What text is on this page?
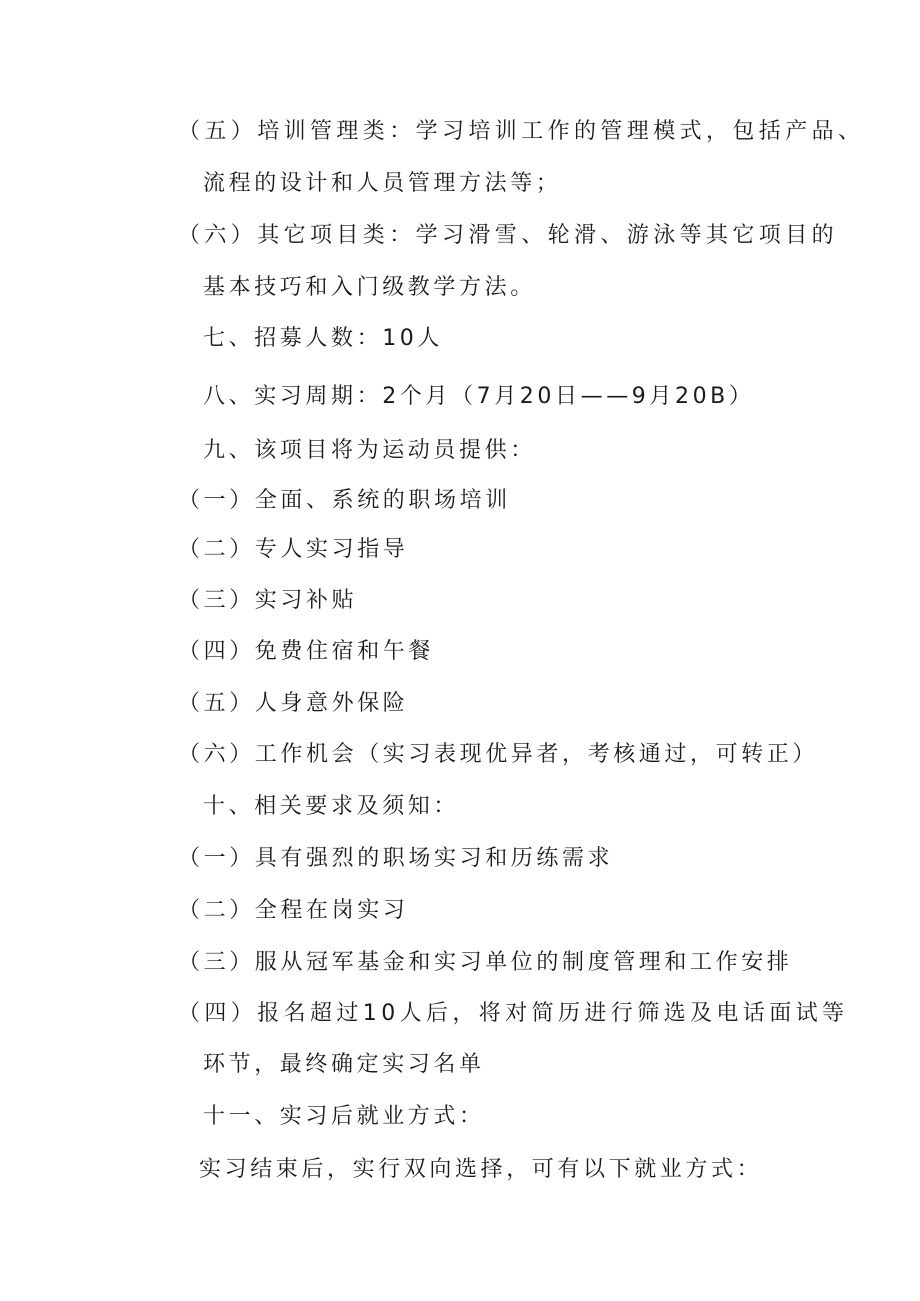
（五）培训管理类：学习培训工作的管理模式，包括产品、
流程的设计和人员管理方法等；
（六）其它项目类：学习滑雪、轮滑、游泳等其它项目的
基本技巧和入门级教学方法。
七、招募人数：10人
八、实习周期：2个月（7月20日——9月20B）
九、该项目将为运动员提供：
（一）全面、系统的职场培训
（二）专人实习指导
（三）实习补贴
（四）免费住宿和午餐
（五）人身意外保险
（六）工作机会（实习表现优异者，考核通过，可转正）
十、相关要求及须知：
（一）具有强烈的职场实习和历练需求
（二）全程在岗实习
（三）服从冠军基金和实习单位的制度管理和工作安排
（四）报名超过10人后，将对简历进行筛选及电话面试等
环节，最终确定实习名单
十一、实习后就业方式：
实习结束后，实行双向选择，可有以下就业方式：
